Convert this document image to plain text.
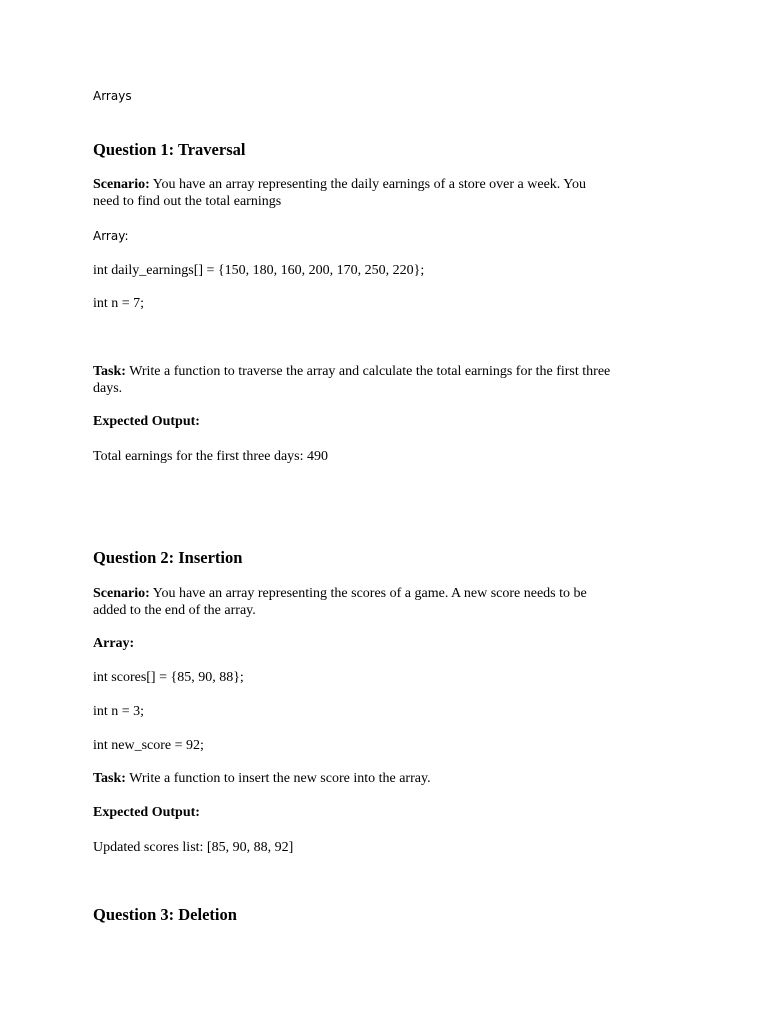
Arrays

Question 1: Traversal

Scenario: You have an array representing the daily earnings of a store over a week. You

need to find out the total earnings

Array:

int daily_earnings[] = {150, 180, 160, 200, 170, 250, 220};

int n = 7;

Task: Write a function to traverse the array and calculate the total earnings for the first three

days.

Expected Output:

Total earnings for the first three days: 490

Question 2: Insertion

Scenario: You have an array representing the scores of a game. A new score needs to be

added to the end of the array.

Array:

int scores[] = {85, 90, 88};

int n = 3;

int new_score = 92;

Task: Write a function to insert the new score into the array.

Expected Output:

Updated scores list: [85, 90, 88, 92]

Question 3: Deletion
